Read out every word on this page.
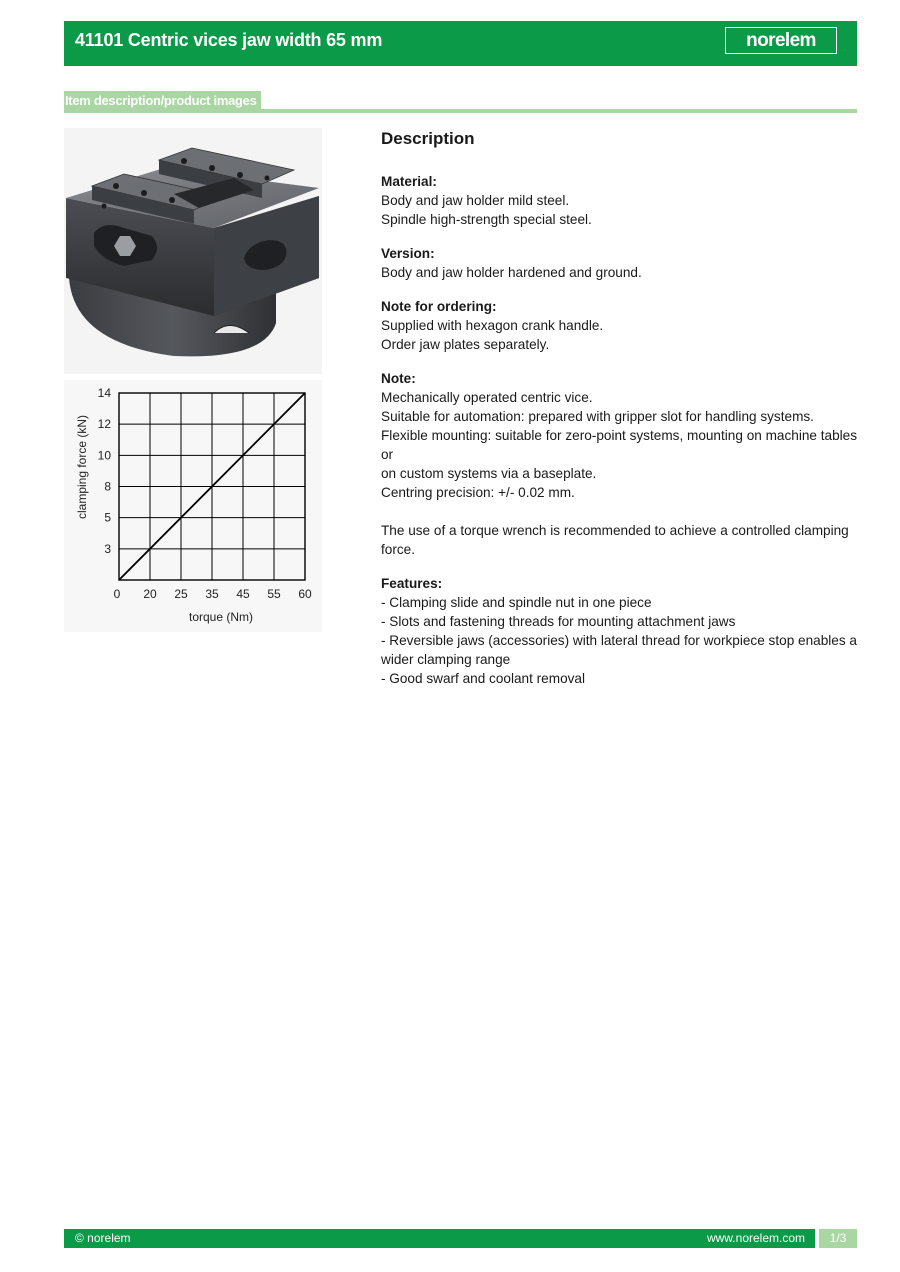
41101 Centric vices jaw width 65 mm	norelem
Item description/product images
0 20 25 35 45 55 60
3
5
8
10
12
14
torque (Nm)
clamping force (kN)
Description
Material:
Body and jaw holder mild steel.
Spindle high-strength special steel.
Version:
Body and jaw holder hardened and ground.
Note for ordering:
Supplied with hexagon crank handle.
Order jaw plates separately.
Note:
Mechanically operated centric vice.
Suitable for automation: prepared with gripper slot for handling systems.
Flexible mounting: suitable for zero-point systems, mounting on machine tables or
on custom systems via a baseplate.
Centring precision: +/- 0.02 mm.
The use of a torque wrench is recommended to achieve a controlled clamping force.
Features:
- Clamping slide and spindle nut in one piece
- Slots and fastening threads for mounting attachment jaws
- Reversible jaws (accessories) with lateral thread for workpiece stop enables a
wider clamping range
- Good swarf and coolant removal
© norelem	www.norelem.com	1/3
